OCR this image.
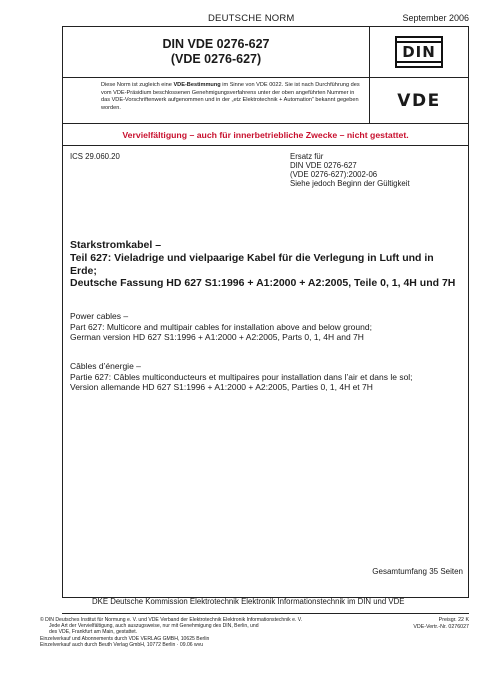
DEUTSCHE NORM	September 2006
DIN VDE 0276-627
(VDE 0276-627)	DIN
Diese Norm ist zugleich eine VDE-Bestimmung im Sinne von VDE 0022. Sie ist nach Durchführung des vom VDE-Präsidium beschlossenen Genehmigungsverfahrens unter der oben angeführten Nummer in das VDE-Vorschriftenwerk aufgenommen und in der „etz Elektrotechnik + Automation“ bekannt gegeben worden.	VDE
Vervielfältigung – auch für innerbetriebliche Zwecke – nicht gestattet.
ICS 29.060.20	Ersatz für
DIN VDE 0276-627
(VDE 0276-627):2002-06
Siehe jedoch Beginn der Gültigkeit
Starkstromkabel –
Teil 627: Vieladrige und vielpaarige Kabel für die Verlegung in Luft und in Erde;
Deutsche Fassung HD 627 S1:1996 + A1:2000 + A2:2005, Teile 0, 1, 4H und 7H
Power cables –
Part 627: Multicore and multipair cables for installation above and below ground;
German version HD 627 S1:1996 + A1:2000 + A2:2005, Parts 0, 1, 4H and 7H
Câbles d’énergie –
Partie 627: Câbles multiconducteurs et multipaires pour installation dans l’air et dans le sol;
Version allemande HD 627 S1:1996 + A1:2000 + A2:2005, Parties 0, 1, 4H et 7H
Gesamtumfang 35 Seiten
DKE Deutsche Kommission Elektrotechnik Elektronik Informationstechnik im DIN und VDE
© DIN Deutsches Institut für Normung e. V. und VDE Verband der Elektrotechnik Elektronik Informationstechnik e. V.
Jede Art der Vervielfältigung, auch auszugsweise, nur mit Genehmigung des DIN, Berlin, und
des VDE, Frankfurt am Main, gestattet.
Einzelverkauf und Abonnements durch VDE VERLAG GMBH, 10625 Berlin
Einzelverkauf auch durch Beuth Verlag GmbH, 10772 Berlin · 09.06 wvu
Preisgr. 22 K
VDE-Vertr.-Nr. 0276027
